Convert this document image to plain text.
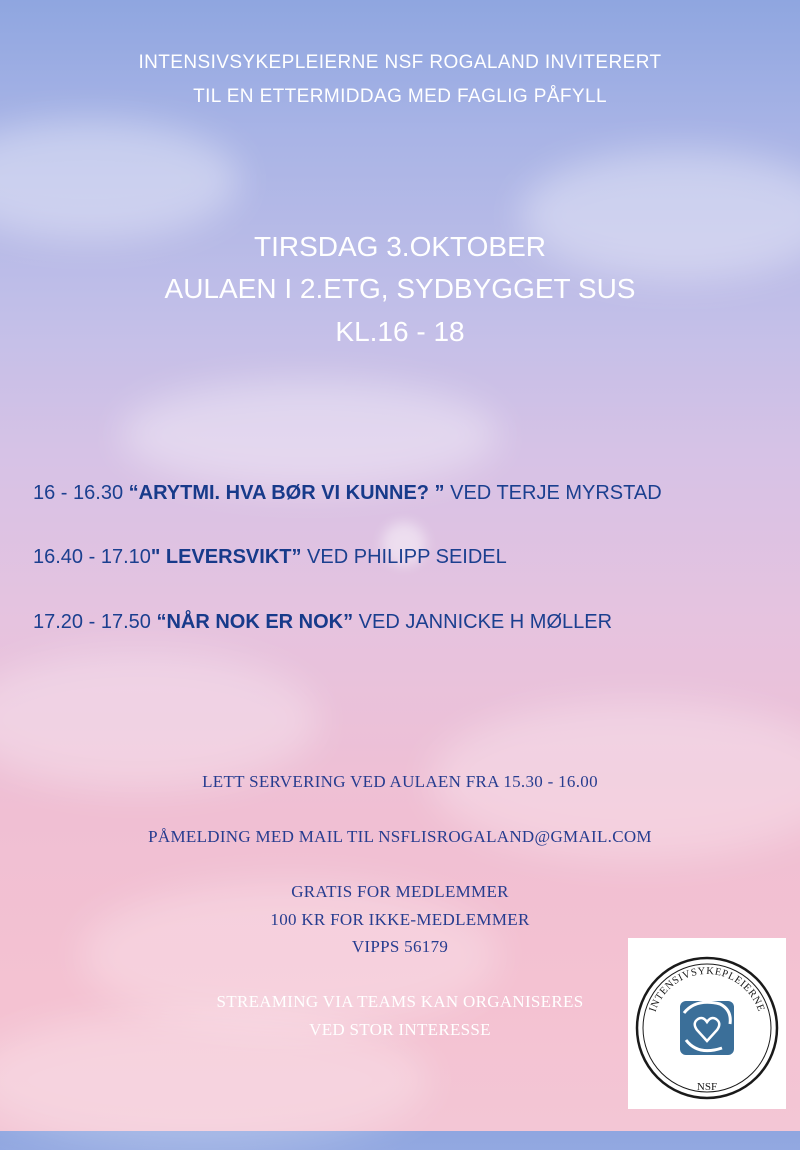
INTENSIVSYKEPLEIERNE NSF ROGALAND INVITERERT
TIL EN ETTERMIDDAG MED FAGLIG PÅFYLL
TIRSDAG 3.OKTOBER
AULAEN I 2.ETG, SYDBYGGET SUS
KL.16 - 18
16 - 16.30 “ARYTMI. HVA BØR VI KUNNE? ” VED TERJE MYRSTAD
16.40 - 17.10" LEVERSVIKT” VED PHILIPP SEIDEL
17.20 - 17.50 “NÅR NOK ER NOK” VED JANNICKE H MØLLER
LETT SERVERING VED AULAEN FRA 15.30 - 16.00
PÅMELDING MED MAIL TIL NSFLISROGALAND@GMAIL.COM
GRATIS FOR MEDLEMMER
100 KR FOR IKKE-MEDLEMMER
VIPPS 56179
STREAMING VIA TEAMS KAN ORGANISERES
VED STOR INTERESSE
INTENSIVSYKEPLEIERNE
NSF
